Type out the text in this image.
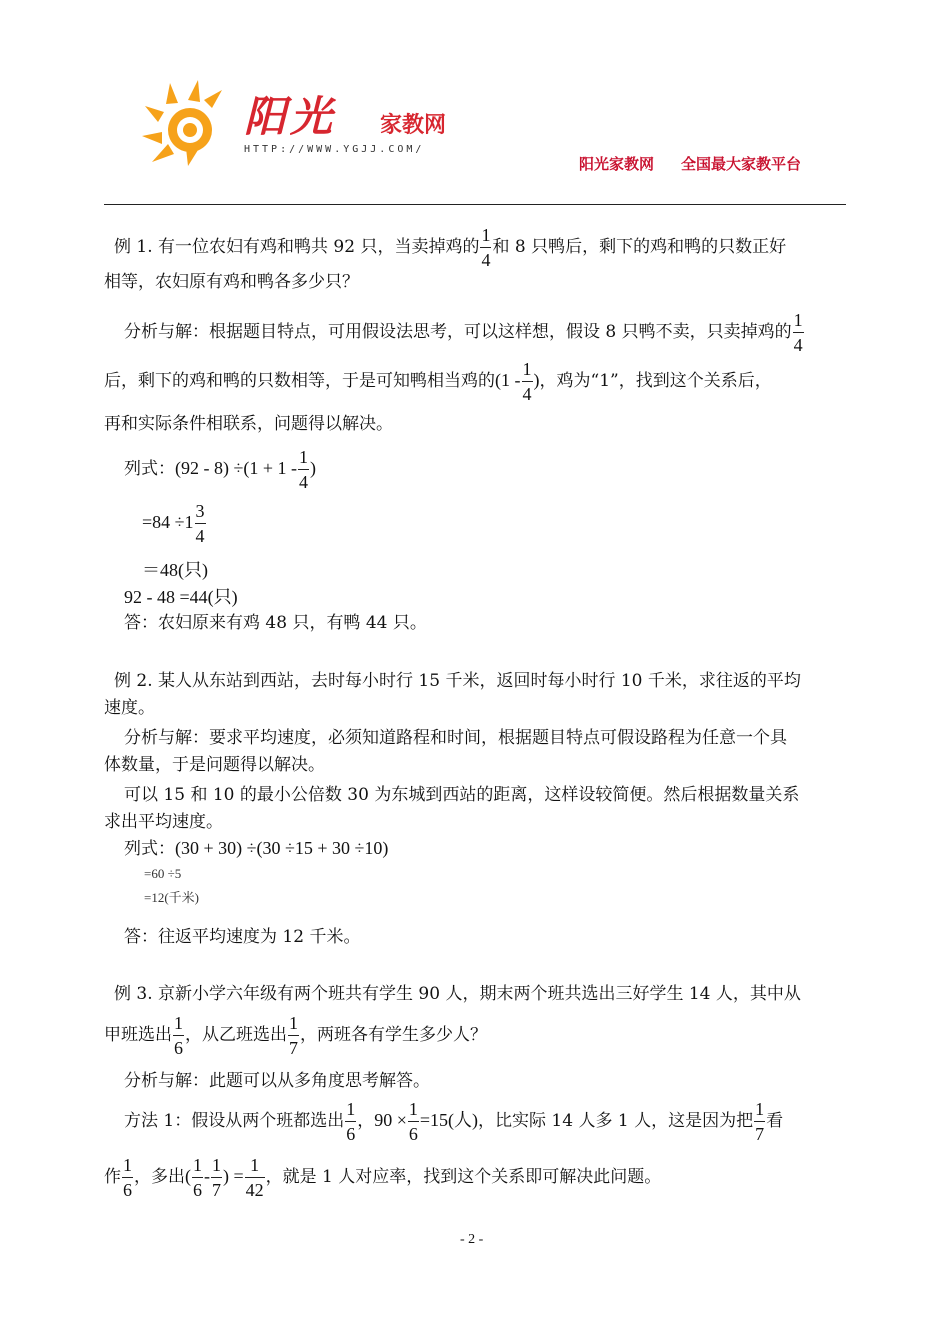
阳光 家教网
HTTP://WWW.YGJJ.COM/
阳光家教网 全国最大家教平台
例 1. 有一位农妇有鸡和鸭共 92 只，当卖掉鸡的 $\frac{1}{4}$ 和 8 只鸭后，剩下的鸡和鸭的只数正好
相等，农妇原有鸡和鸭各多少只？
分析与解：根据题目特点，可用假设法思考，可以这样想，假设 8 只鸭不卖，只卖掉鸡的 $\frac{1}{4}$
后，剩下的鸡和鸭的只数相等，于是可知鸭相当鸡的($1 - \frac{1}{4}$ )，鸡为“1”，找到这个关系后，
再和实际条件相联系，问题得以解决。
列式：$(92 - 8) \div(1 + 1 - \frac{1}{4}$ )
$=84 \div 1 \frac{3}{4}$
＝48(只)
92 - 48 =44(只)
答：农妇原来有鸡 48 只，有鸭 44 只。
例 2. 某人从东站到西站，去时每小时行 15 千米，返回时每小时行 10 千米，求往返的平均
速度。
分析与解：要求平均速度，必须知道路程和时间，根据题目特点可假设路程为任意一个具
体数量，于是问题得以解决。
可以 15 和 10 的最小公倍数 30 为东城到西站的距离，这样设较简便。然后根据数量关系
求出平均速度。
列式：(30 + 30) ÷(30 ÷15 + 30 ÷10)
=60 ÷5
=12(千米)
答：往返平均速度为 12 千米。
例 3. 京新小学六年级有两个班共有学生 90 人，期末两个班共选出三好学生 14 人，其中从
甲班选出 $\frac{1}{6}$ ，从乙班选出 $\frac{1}{7}$ ，两班各有学生多少人？
分析与解：此题可以从多角度思考解答。
方法 1：假设从两个班都选出 $\frac{1}{6}$ ，$90 \times \frac{1}{6} =15$(人)，比实际 14 人多 1 人，这是因为把 $\frac{1}{7}$ 看
作 $\frac{1}{6}$ ，多出( $\frac{1}{6} - \frac{1}{7}$ ) = $\frac{1}{42}$ ，就是 1 人对应率，找到这个关系即可解决此问题。
- 2 -
